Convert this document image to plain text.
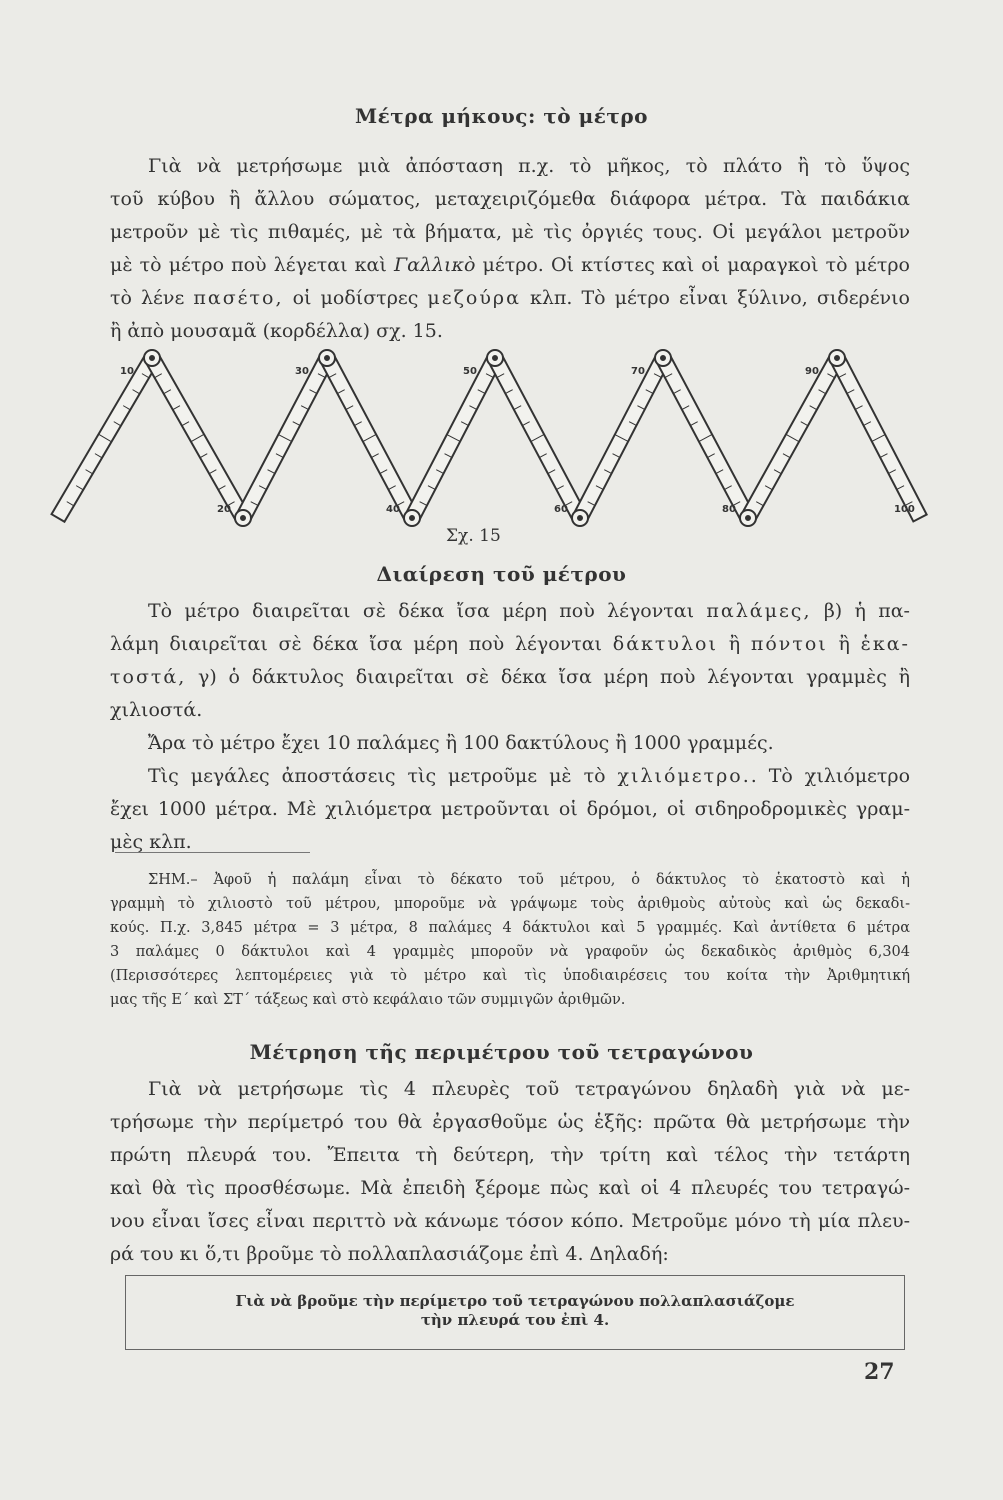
Μέτρα μήκους: τὸ μέτρο

Γιὰ νὰ μετρήσωμε μιὰ ἀπόσταση π.χ. τὸ μῆκος, τὸ πλάτο ἢ τὸ ὕψος
τοῦ κύβου ἢ ἄλλου σώματος, μεταχειριζόμεθα διάφορα μέτρα. Τὰ παιδάκια
μετροῦν μὲ τὶς πιθαμές, μὲ τὰ βήματα, μὲ τὶς ὀργιές τους. Οἱ μεγάλοι μετροῦν
μὲ τὸ μέτρο ποὺ λέγεται καὶ Γαλλικὸ μέτρο. Οἱ κτίστες καὶ οἱ μαραγκοὶ τὸ μέτρο
τὸ λένε πασέτο, οἱ μοδίστρες μεζούρα κλπ. Τὸ μέτρο εἶναι ξύλινο, σιδερένιο
ἢ ἀπὸ μουσαμᾶ (κορδέλλα) σχ. 15.

10
20
30
40
50
60
70
80
90
100
Σχ. 15
Διαίρεση τοῦ μέτρου

Τὸ μέτρο διαιρεῖται σὲ δέκα ἴσα μέρη ποὺ λέγονται παλάμες, β) ἡ πα-
λάμη διαιρεῖται σὲ δέκα ἴσα μέρη ποὺ λέγονται δάκτυλοι ἢ πόντοι ἢ ἑκα-
τοστά, γ) ὁ δάκτυλος διαιρεῖται σὲ δέκα ἴσα μέρη ποὺ λέγονται γραμμὲς ἢ
χιλιοστά.
Ἄρα τὸ μέτρο ἔχει 10 παλάμες ἢ 100 δακτύλους ἢ 1000 γραμμές.
Τὶς μεγάλες ἀποστάσεις τὶς μετροῦμε μὲ τὸ χιλιόμετρο.. Τὸ χιλιόμετρο
ἔχει 1000 μέτρα. Μὲ χιλιόμετρα μετροῦνται οἱ δρόμοι, οἱ σιδηροδρομικὲς γραμ-
μὲς κλπ.

ΣΗΜ.– Ἀφοῦ ἡ παλάμη εἶναι τὸ δέκατο τοῦ μέτρου, ὁ δάκτυλος τὸ ἑκατοστὸ καὶ ἡ
γραμμὴ τὸ χιλιοστὸ τοῦ μέτρου, μποροῦμε νὰ γράψωμε τοὺς ἀριθμοὺς αὐτοὺς καὶ ὡς δεκαδι-
κούς. Π.χ. 3,845 μέτρα = 3 μέτρα, 8 παλάμες 4 δάκτυλοι καὶ 5 γραμμές. Καὶ ἀντίθετα 6 μέτρα
3 παλάμες 0 δάκτυλοι καὶ 4 γραμμὲς μποροῦν νὰ γραφοῦν ὡς δεκαδικὸς ἀριθμὸς 6,304
(Περισσότερες λεπτομέρειες γιὰ τὸ μέτρο καὶ τὶς ὑποδιαιρέσεις του κοίτα τὴν Ἀριθμητική
μας τῆς Ε΄ καὶ ΣΤ΄ τάξεως καὶ στὸ κεφάλαιο τῶν συμμιγῶν ἀριθμῶν.

Μέτρηση τῆς περιμέτρου τοῦ τετραγώνου

Γιὰ νὰ μετρήσωμε τὶς 4 πλευρὲς τοῦ τετραγώνου δηλαδὴ γιὰ νὰ με-
τρήσωμε τὴν περίμετρό του θὰ ἐργασθοῦμε ὡς ἑξῆς: πρῶτα θὰ μετρήσωμε τὴν
πρώτη πλευρά του. Ἔπειτα τὴ δεύτερη, τὴν τρίτη καὶ τέλος τὴν τετάρτη
καὶ θὰ τὶς προσθέσωμε. Μὰ ἐπειδὴ ξέρομε πὼς καὶ οἱ 4 πλευρές του τετραγώ-
νου εἶναι ἴσες εἶναι περιττὸ νὰ κάνωμε τόσον κόπο. Μετροῦμε μόνο τὴ μία πλευ-
ρά του κι ὅ,τι βροῦμε τὸ πολλαπλασιάζομε ἐπὶ 4. Δηλαδή:

Γιὰ νὰ βροῦμε τὴν περίμετρο τοῦ τετραγώνου πολλαπλασιάζομε
τὴν πλευρά του ἐπὶ 4.
27
